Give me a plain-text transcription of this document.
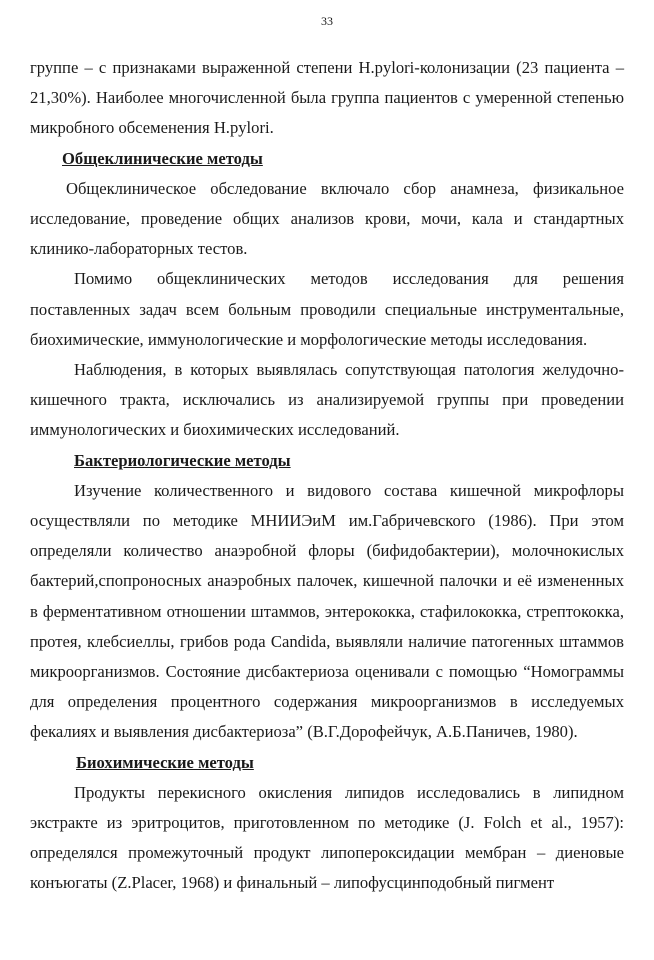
33

группе – с признаками выраженной степени H.pylori-колонизации (23 пациента – 21,30%). Наиболее многочисленной была группа пациентов с умеренной степенью микробного обсеменения H.pylori.

Общеклинические методы

Общеклиническое обследование включало сбор анамнеза, физикальное исследование, проведение общих анализов крови, мочи, кала и стандартных клинико-лабораторных тестов.

Помимо общеклинических методов исследования для решения поставленных задач всем больным проводили специальные инструментальные, биохимические, иммунологические и морфологические методы исследования.

Наблюдения, в которых выявлялась сопутствующая патология желудочно-кишечного тракта, исключались из анализируемой группы при проведении иммунологических и биохимических исследований.

Бактериологические методы

Изучение количественного и видового состава кишечной микрофлоры осуществляли по методике МНИИЭиМ им.Габричевского (1986). При этом определяли количество анаэробной флоры (бифидобактерии), молочнокислых бактерий,спопроносных анаэробных палочек, кишечной палочки и её измененных в ферментативном отношении штаммов, энтерококка, стафилококка, стрептококка, протея, клебсиеллы, грибов рода Candida, выявляли наличие патогенных штаммов микроорганизмов. Состояние дисбактериоза оценивали с помощью “Номограммы для определения процентного содержания микроорганизмов в исследуемых фекалиях и выявления дисбактериоза” (В.Г.Дорофейчук, А.Б.Паничев, 1980).

Биохимические методы

Продукты перекисного окисления липидов исследовались в липидном экстракте из эритроцитов, приготовленном по методике (J. Folch et al., 1957): определялся промежуточный продукт липопероксидации мембран – диеновые конъюгаты (Z.Placer, 1968) и финальный – липофусцинподобный пигмент
